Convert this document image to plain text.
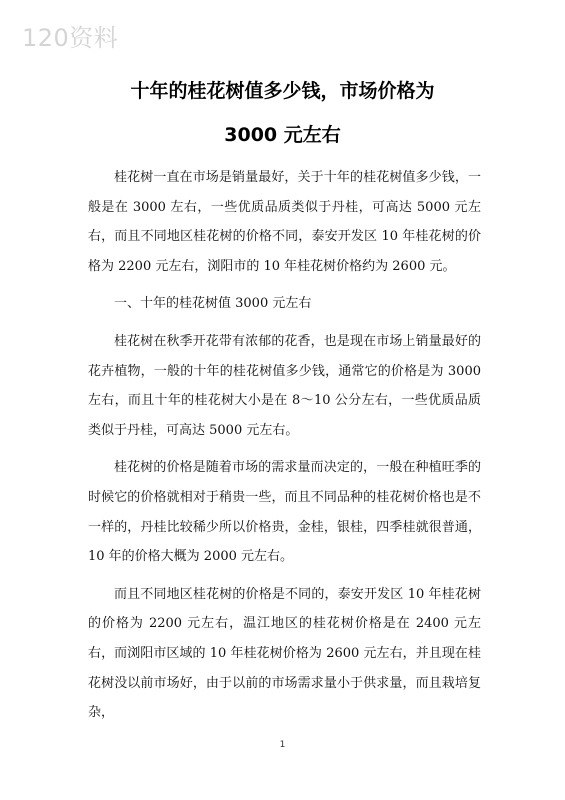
120资料
十年的桂花树值多少钱，市场价格为
3000 元左右

桂花树一直在市场是销量最好，关于十年的桂花树值多少钱，一般是在 3000 左右，一些优质品质类似于丹桂，可高达 5000 元左右，而且不同地区桂花树的价格不同，泰安开发区 10 年桂花树的价格为 2200 元左右，浏阳市的 10 年桂花树价格约为 2600 元。

一、十年的桂花树值 3000 元左右

桂花树在秋季开花带有浓郁的花香，也是现在市场上销量最好的花卉植物，一般的十年的桂花树值多少钱，通常它的价格是为 3000 左右，而且十年的桂花树大小是在 8～10 公分左右，一些优质品质类似于丹桂，可高达 5000 元左右。

桂花树的价格是随着市场的需求量而决定的，一般在种植旺季的时候它的价格就相对于稍贵一些，而且不同品种的桂花树价格也是不一样的，丹桂比较稀少所以价格贵，金桂，银桂，四季桂就很普通，10 年的价格大概为 2000 元左右。

而且不同地区桂花树的价格是不同的，泰安开发区 10 年桂花树的价格为 2200 元左右，温江地区的桂花树价格是在 2400 元左右，而浏阳市区域的 10 年桂花树价格为 2600 元左右，并且现在桂花树没以前市场好，由于以前的市场需求量小于供求量，而且栽培复杂，

1
